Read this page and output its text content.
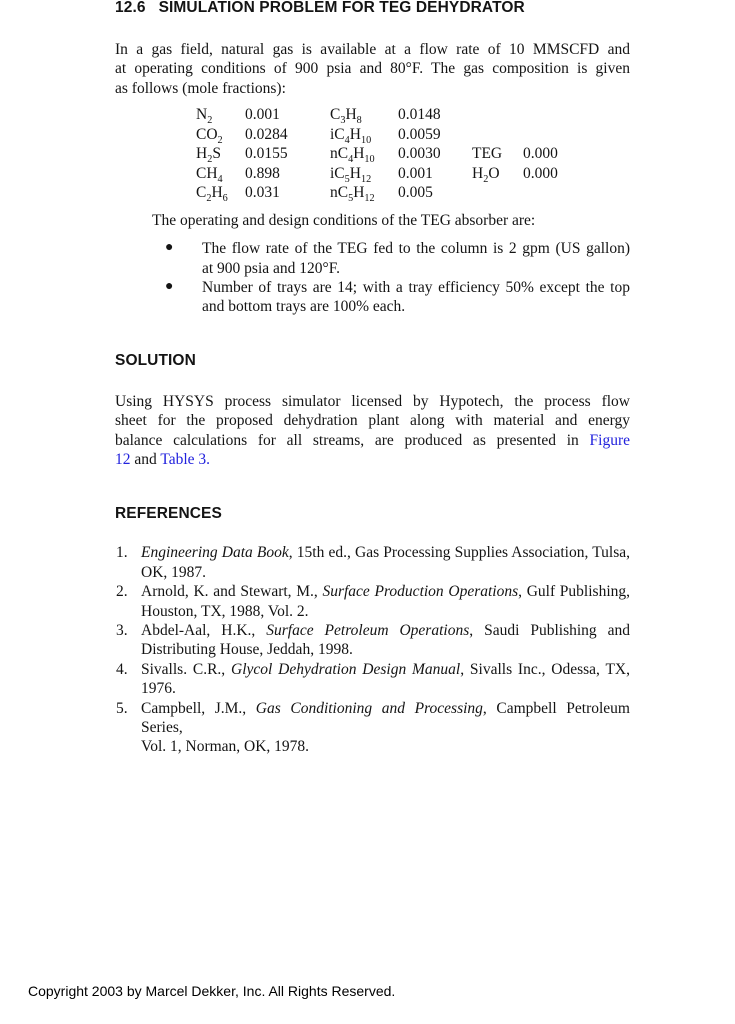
12.6 SIMULATION PROBLEM FOR TEG DEHYDRATOR
In a gas field, natural gas is available at a flow rate of 10 MMSCFD and
at operating conditions of 900 psia and 80°F. The gas composition is given
as follows (mole fractions):
$N_2$	0.001	$C_3H_8$	0.0148
$CO_2$	0.0284	$iC_4H_{10}$	0.0059
$H_2S$	0.0155	$nC_4H_{10}$	0.0030	TEG	0.000
$CH_4$	0.898	$iC_5H_{12}$	0.001	$H_2O$	0.000
$C_2H_6$	0.031	$nC_5H_{12}$	0.005
The operating and design conditions of the TEG absorber are:
● The flow rate of the TEG fed to the column is 2 gpm (US gallon)
at 900 psia and 120°F.
● Number of trays are 14; with a tray efficiency 50% except the top
and bottom trays are 100% each.
SOLUTION
Using HYSYS process simulator licensed by Hypotech, the process flow
sheet for the proposed dehydration plant along with material and energy
balance calculations for all streams, are produced as presented in Figure
12 and Table 3.
REFERENCES
1. Engineering Data Book, 15th ed., Gas Processing Supplies Association, Tulsa,
OK, 1987.
2. Arnold, K. and Stewart, M., Surface Production Operations, Gulf Publishing,
Houston, TX, 1988, Vol. 2.
3. Abdel-Aal, H.K., Surface Petroleum Operations, Saudi Publishing and
Distributing House, Jeddah, 1998.
4. Sivalls. C.R., Glycol Dehydration Design Manual, Sivalls Inc., Odessa, TX, 1976.
5. Campbell, J.M., Gas Conditioning and Processing, Campbell Petroleum Series,
Vol. 1, Norman, OK, 1978.
Copyright 2003 by Marcel Dekker, Inc. All Rights Reserved.
